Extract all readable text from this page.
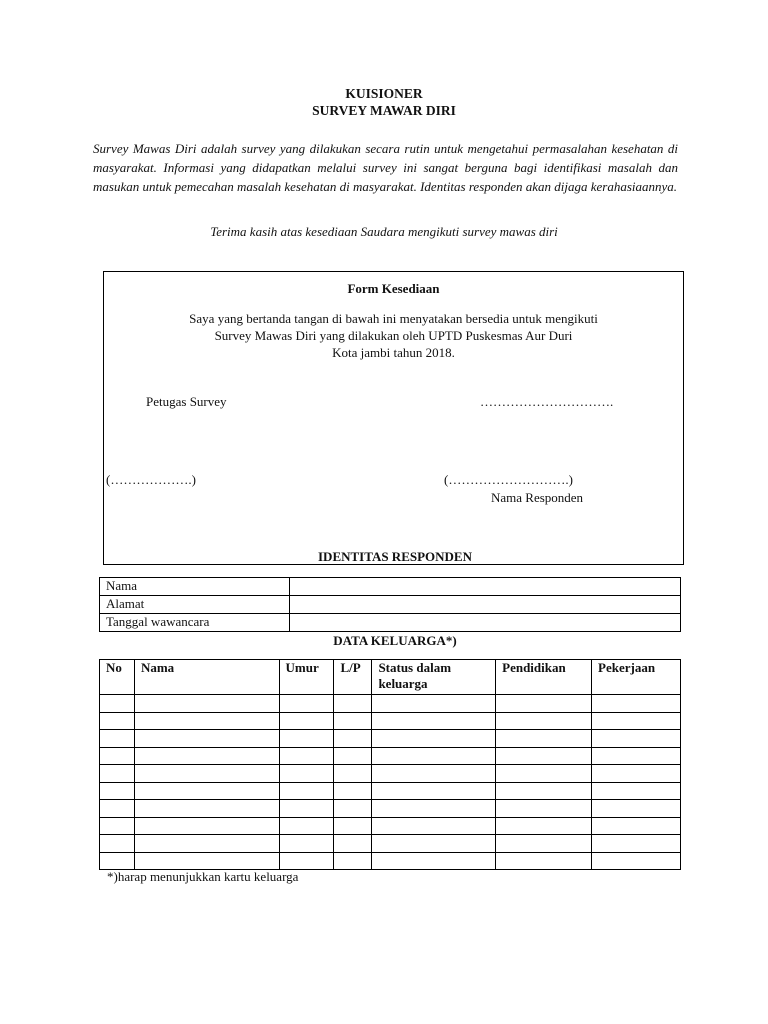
KUISIONER
SURVEY MAWAR DIRI
Survey Mawas Diri adalah survey yang dilakukan secara rutin untuk mengetahui permasalahan kesehatan di masyarakat. Informasi yang didapatkan melalui survey ini sangat berguna bagi identifikasi masalah dan masukan untuk pemecahan masalah kesehatan di masyarakat. Identitas responden akan dijaga kerahasiaannya.
Terima kasih atas kesediaan Saudara mengikuti survey mawas diri
Form Kesediaan
Saya yang bertanda tangan di bawah ini menyatakan bersedia untuk mengikuti
Survey Mawas Diri yang dilakukan oleh UPTD Puskesmas Aur Duri
Kota jambi tahun 2018.
Petugas Survey	………………………….
(……………….)	(……………………….)
Nama Responden
IDENTITAS RESPONDEN
Nama	
Alamat	
Tanggal wawancara	
DATA KELUARGA*)
No	Nama	Umur	L/P	Status dalam keluarga	Pendidikan	Pekerjaan

*)harap menunjukkan kartu keluarga
